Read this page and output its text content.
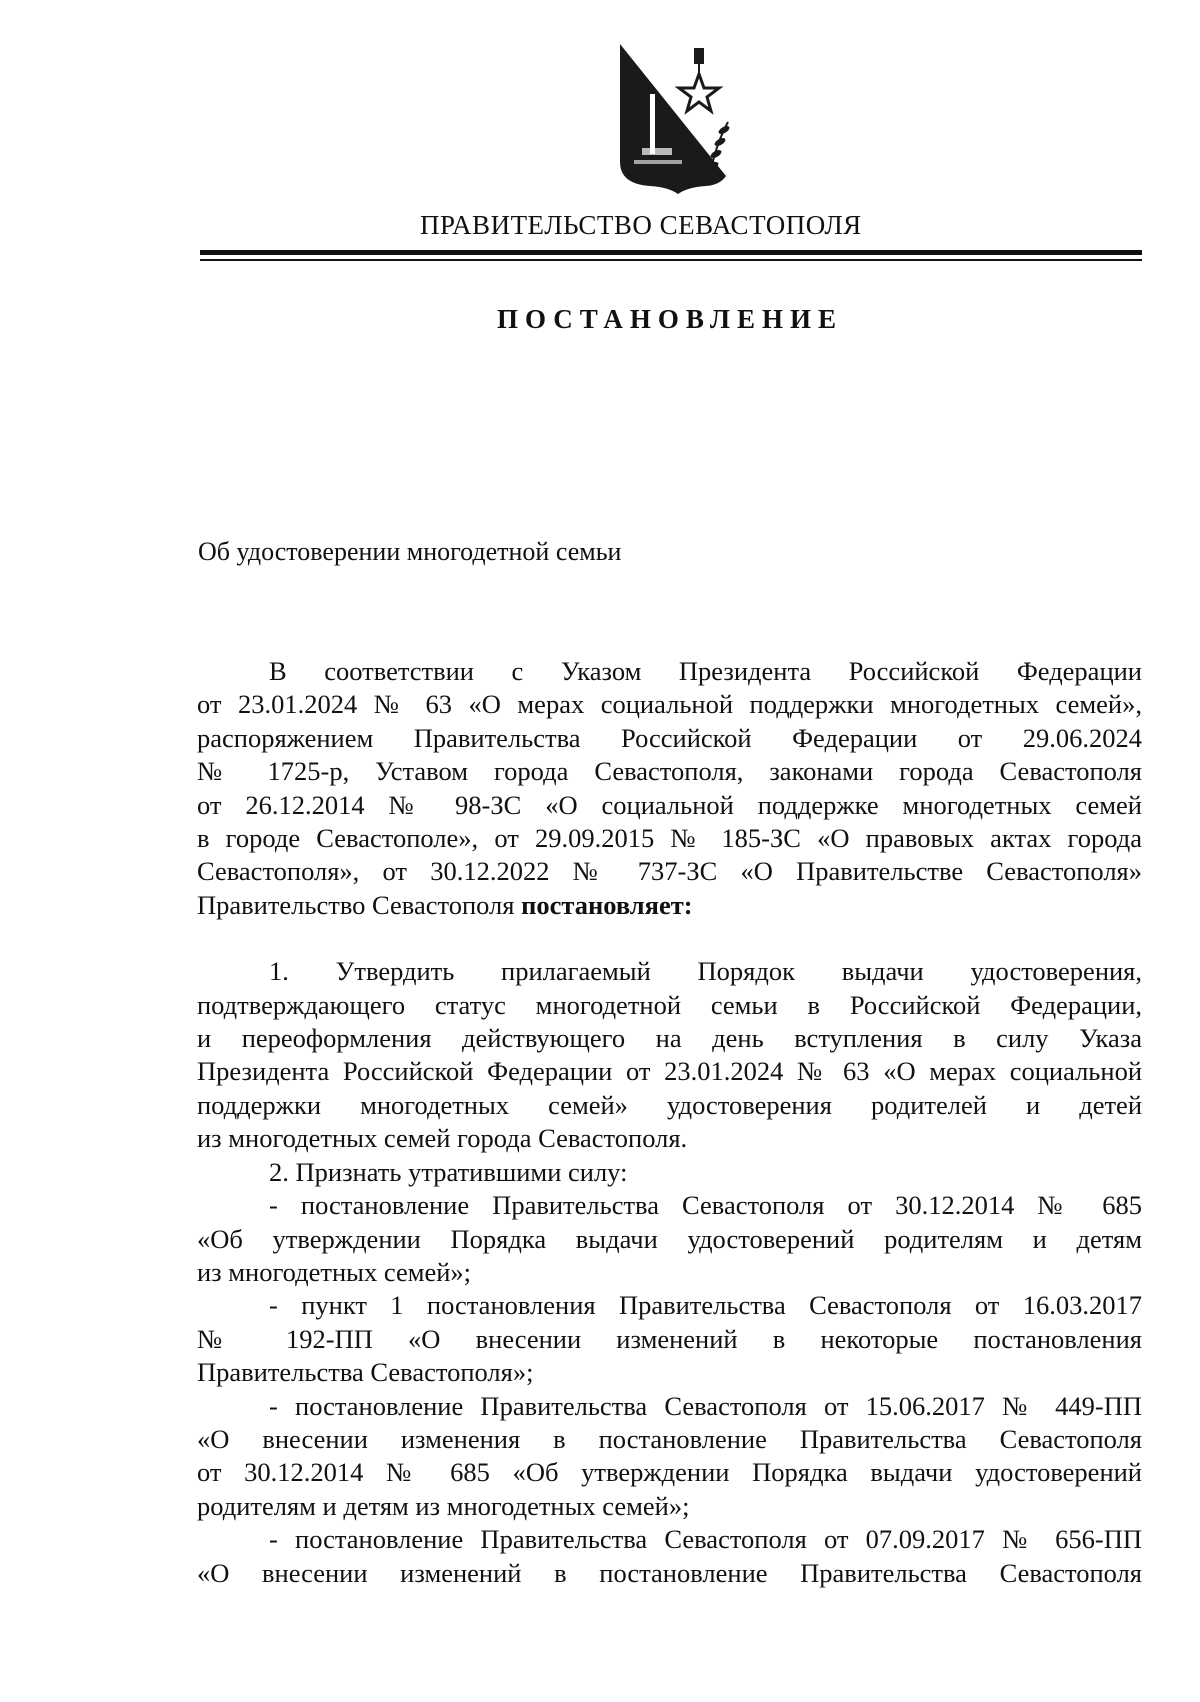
ПРАВИТЕЛЬСТВО СЕВАСТОПОЛЯ
ПОСТАНОВЛЕНИЕ
Об удостоверении многодетной семьи

В соответствии с Указом Президента Российской Федерации

от 23.01.2024 № 63 «О мерах социальной поддержки многодетных семей»,

распоряжением Правительства Российской Федерации от 29.06.2024

№ 1725-р, Уставом города Севастополя, законами города Севастополя

от 26.12.2014 № 98-ЗС «О социальной поддержке многодетных семей

в городе Севастополе», от 29.09.2015 № 185-ЗС «О правовых актах города

Севастополя», от 30.12.2022 № 737-ЗС «О Правительстве Севастополя»

Правительство Севастополя постановляет:

1. Утвердить прилагаемый Порядок выдачи удостоверения,

подтверждающего статус многодетной семьи в Российской Федерации,

и переоформления действующего на день вступления в силу Указа

Президента Российской Федерации от 23.01.2024 № 63 «О мерах социальной

поддержки многодетных семей» удостоверения родителей и детей

из многодетных семей города Севастополя.

2. Признать утратившими силу:

- постановление Правительства Севастополя от 30.12.2014 № 685

«Об утверждении Порядка выдачи удостоверений родителям и детям

из многодетных семей»;

- пункт 1 постановления Правительства Севастополя от 16.03.2017

№ 192-ПП «О внесении изменений в некоторые постановления

Правительства Севастополя»;

- постановление Правительства Севастополя от 15.06.2017 № 449-ПП

«О внесении изменения в постановление Правительства Севастополя

от 30.12.2014 № 685 «Об утверждении Порядка выдачи удостоверений

родителям и детям из многодетных семей»;

- постановление Правительства Севастополя от 07.09.2017 № 656-ПП

«О внесении изменений в постановление Правительства Севастополя
